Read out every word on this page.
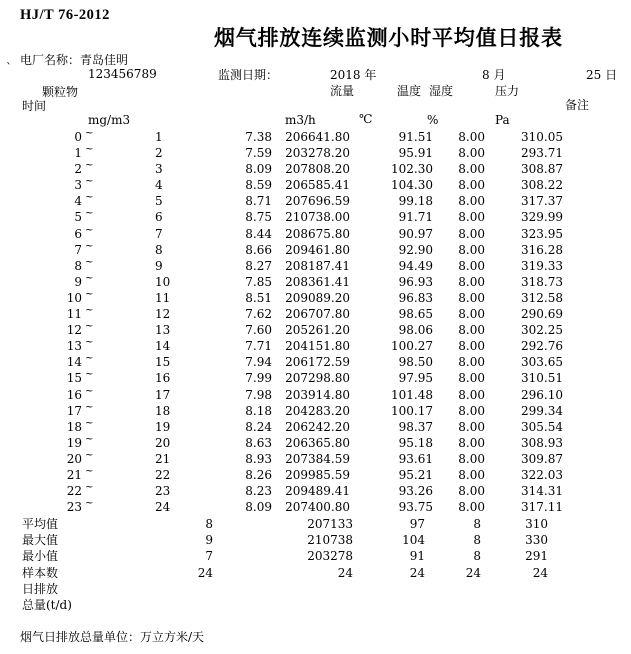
HJ/T 76-2012
烟气排放连续监测小时平均值日报表
电厂名称：青岛佳明
`	123456789	监测日期：	2018 年	8 月	25 日
颗粒物	流量	温度 湿度	压力
时间	备注
mg/m3	m3/h	℃	%	Pa
0 ~	1	7.38	206641.80	91.51	8.00	310.05
1 ~	2	7.59	203278.20	95.91	8.00	293.71
2 ~	3	8.09	207808.20	102.30	8.00	308.87
3 ~	4	8.59	206585.41	104.30	8.00	308.22
4 ~	5	8.71	207696.59	99.18	8.00	317.37
5 ~	6	8.75	210738.00	91.71	8.00	329.99
6 ~	7	8.44	208675.80	90.97	8.00	323.95
7 ~	8	8.66	209461.80	92.90	8.00	316.28
8 ~	9	8.27	208187.41	94.49	8.00	319.33
9 ~	10	7.85	208361.41	96.93	8.00	318.73
10 ~	11	8.51	209089.20	96.83	8.00	312.58
11 ~	12	7.62	206707.80	98.65	8.00	290.69
12 ~	13	7.60	205261.20	98.06	8.00	302.25
13 ~	14	7.71	204151.80	100.27	8.00	292.76
14 ~	15	7.94	206172.59	98.50	8.00	303.65
15 ~	16	7.99	207298.80	97.95	8.00	310.51
16 ~	17	7.98	203914.80	101.48	8.00	296.10
17 ~	18	8.18	204283.20	100.17	8.00	299.34
18 ~	19	8.24	206242.20	98.37	8.00	305.54
19 ~	20	8.63	206365.80	95.18	8.00	308.93
20 ~	21	8.93	207384.59	93.61	8.00	309.87
21 ~	22	8.26	209985.59	95.21	8.00	322.03
22 ~	23	8.23	209489.41	93.26	8.00	314.31
23 ~	24	8.09	207400.80	93.75	8.00	317.11
平均值	8	207133	97	8	310
最大值	9	210738	104	8	330
最小值	7	203278	91	8	291
样本数	24	24	24	24	24
日排放
总量(t/d)
烟气日排放总量单位：万立方米/天
